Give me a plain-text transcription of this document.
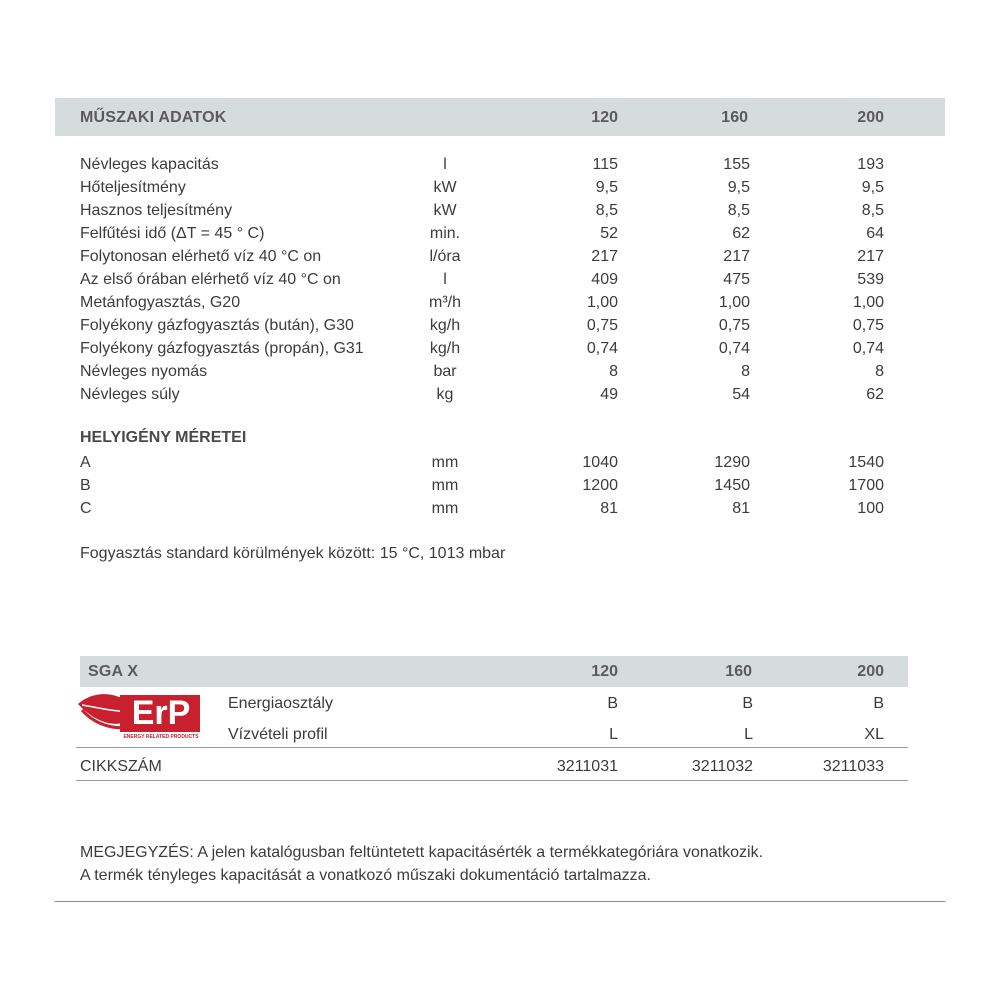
MŰSZAKI ADATOK	120	160	200
Névleges kapacitás	l	115	155	193
Hőteljesítmény	kW	9,5	9,5	9,5
Hasznos teljesítmény	kW	8,5	8,5	8,5
Felfűtési idő (ΔT = 45 ° C)	min.	52	62	64
Folytonosan elérhető víz 40 °C on	l/óra	217	217	217
Az első órában elérhető víz 40 °C on	l	409	475	539
Metánfogyasztás, G20	m³/h	1,00	1,00	1,00
Folyékony gázfogyasztás (bután), G30	kg/h	0,75	0,75	0,75
Folyékony gázfogyasztás (propán), G31	kg/h	0,74	0,74	0,74
Névleges nyomás	bar	8	8	8
Névleges súly	kg	49	54	62
HELYIGÉNY MÉRETEI
A	mm	1040	1290	1540
B	mm	1200	1450	1700
C	mm	81	81	100
Fogyasztás standard körülmények között: 15 °C, 1013 mbar
SGA X	120	160	200
ErP
ENERGY RELATED PRODUCTS
Energiaosztály	B	B	B
Vízvételi profil	L	L	XL
CIKKSZÁM	3211031	3211032	3211033
MEGJEGYZÉS: A jelen katalógusban feltüntetett kapacitásérték a termékkategóriára vonatkozik.
A termék tényleges kapacitását a vonatkozó műszaki dokumentáció tartalmazza.
